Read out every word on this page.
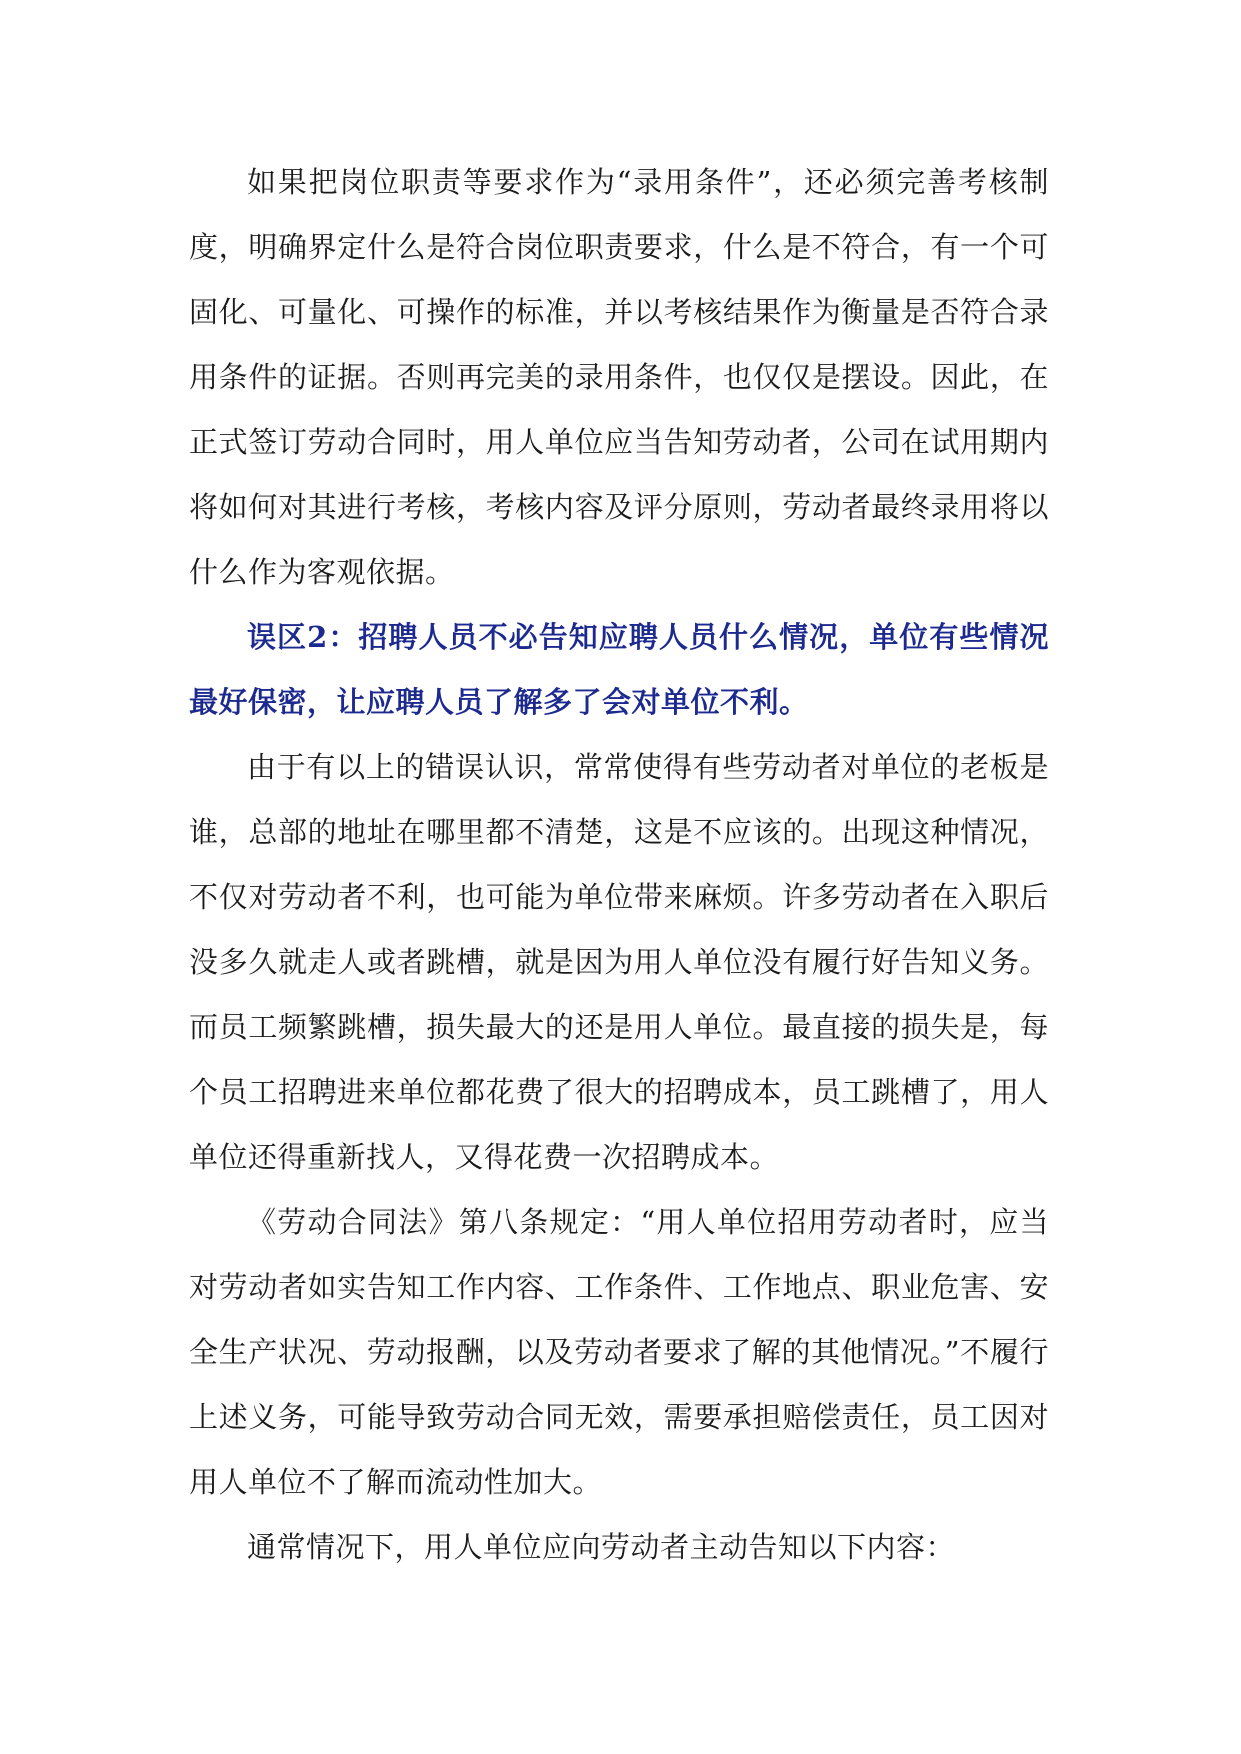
如果把岗位职责等要求作为“录用条件”，还必须完善考核制度，明确界定什么是符合岗位职责要求，什么是不符合，有一个可固化、可量化、可操作的标准，并以考核结果作为衡量是否符合录用条件的证据。否则再完美的录用条件，也仅仅是摆设。因此，在正式签订劳动合同时，用人单位应当告知劳动者，公司在试用期内将如何对其进行考核，考核内容及评分原则，劳动者最终录用将以什么作为客观依据。

误区2：招聘人员不必告知应聘人员什么情况，单位有些情况最好保密，让应聘人员了解多了会对单位不利。

由于有以上的错误认识，常常使得有些劳动者对单位的老板是谁，总部的地址在哪里都不清楚，这是不应该的。出现这种情况，不仅对劳动者不利，也可能为单位带来麻烦。许多劳动者在入职后没多久就走人或者跳槽，就是因为用人单位没有履行好告知义务。而员工频繁跳槽，损失最大的还是用人单位。最直接的损失是，每个员工招聘进来单位都花费了很大的招聘成本，员工跳槽了，用人单位还得重新找人，又得花费一次招聘成本。

《劳动合同法》第八条规定：“用人单位招用劳动者时，应当对劳动者如实告知工作内容、工作条件、工作地点、职业危害、安全生产状况、劳动报酬，以及劳动者要求了解的其他情况。”不履行上述义务，可能导致劳动合同无效，需要承担赔偿责任，员工因对用人单位不了解而流动性加大。

通常情况下，用人单位应向劳动者主动告知以下内容：
